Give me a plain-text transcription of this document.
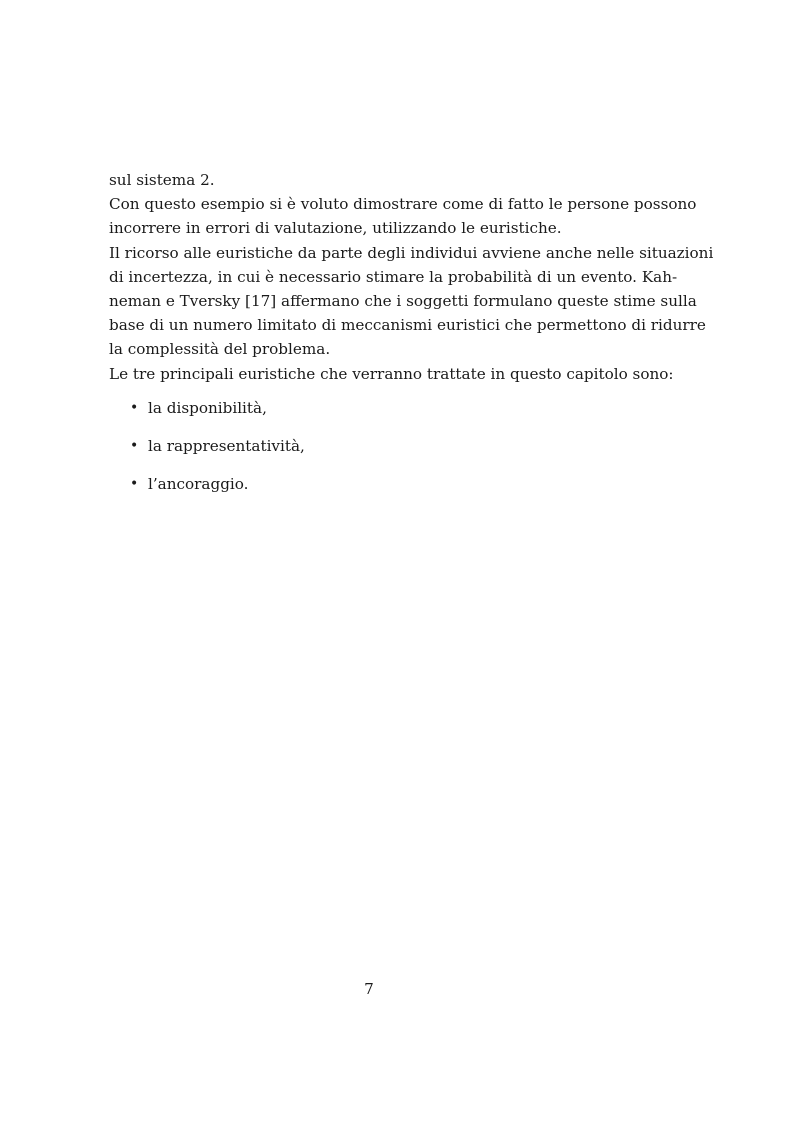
sul sistema 2.
Con questo esempio si è voluto dimostrare come di fatto le persone possono
incorrere in errori di valutazione, utilizzando le euristiche.
Il ricorso alle euristiche da parte degli individui avviene anche nelle situazioni
di incertezza, in cui è necessario stimare la probabilità di un evento. Kah-
neman e Tversky [17] affermano che i soggetti formulano queste stime sulla
base di un numero limitato di meccanismi euristici che permettono di ridurre
la complessità del problema.
Le tre principali euristiche che verranno trattate in questo capitolo sono:
• la disponibilità,
• la rappresentatività,
• l’ancoraggio.
7
